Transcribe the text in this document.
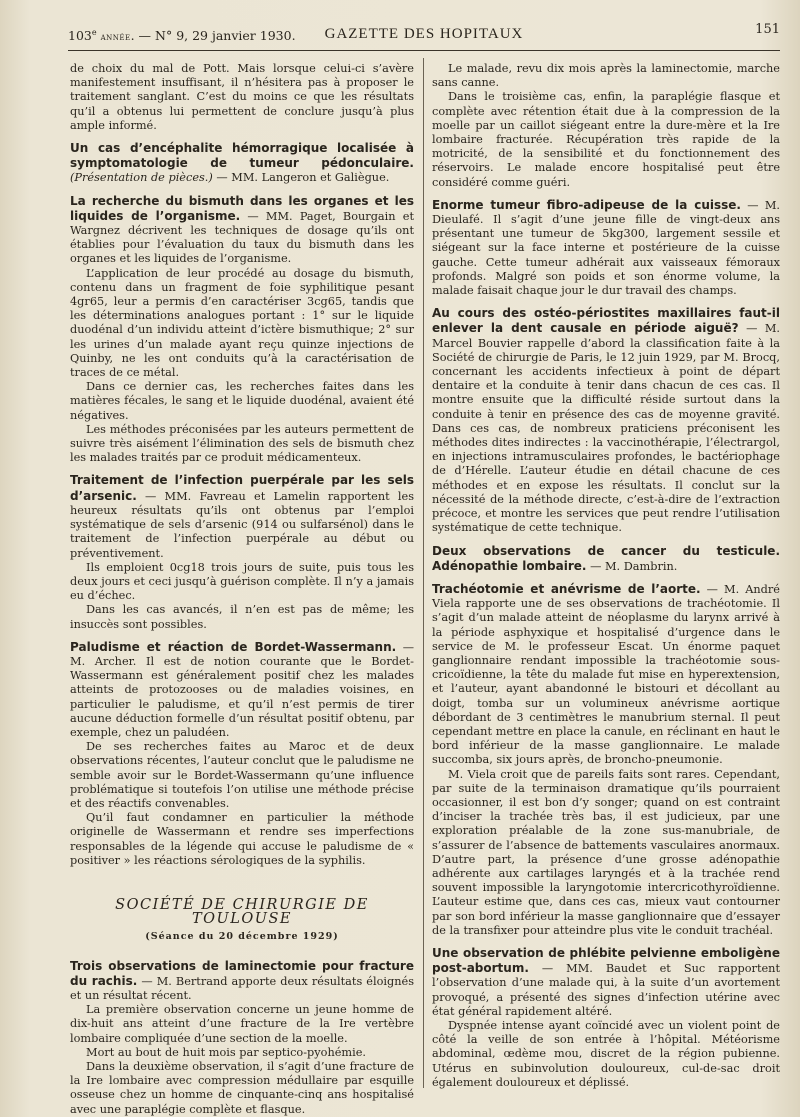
103e année. — N° 9, 29 janvier 1930.	GAZETTE DES HOPITAUX	151

de choix du mal de Pott. Mais lorsque celui-ci s’avère manifestement insuffisant, il n’hésitera pas à proposer le traitement sanglant. C’est du moins ce que les résultats qu’il a obtenus lui permettent de conclure jusqu’à plus ample informé.

Un cas d’encéphalite hémorragique localisée à symptomatologie de tumeur pédonculaire. (Présentation de pièces.) — MM. Langeron et Galiègue.
La recherche du bismuth dans les organes et les liquides de l’organisme. — MM. Paget, Bourgain et Wargnez décrivent les techniques de dosage qu’ils ont établies pour l’évaluation du taux du bismuth dans les organes et les liquides de l’organisme.

L’application de leur procédé au dosage du bismuth, contenu dans un fragment de foie syphilitique pesant 4gr65, leur a permis d’en caractériser 3cg65, tandis que les déterminations analogues portant : 1° sur le liquide duodénal d’un individu atteint d’ictère bismuthique; 2° sur les urines d’un malade ayant reçu quinze injections de Quinby, ne les ont conduits qu’à la caractérisation de traces de ce métal.

Dans ce dernier cas, les recherches faites dans les matières fécales, le sang et le liquide duodénal, avaient été négatives.

Les méthodes préconisées par les auteurs permettent de suivre très aisément l’élimination des sels de bismuth chez les malades traités par ce produit médicamenteux.

Traitement de l’infection puerpérale par les sels d’arsenic. — MM. Favreau et Lamelin rapportent les heureux résultats qu’ils ont obtenus par l’emploi systématique de sels d’arsenic (914 ou sulfarsénol) dans le traitement de l’infection puerpérale au début ou préventivement.

Ils emploient 0cg18 trois jours de suite, puis tous les deux jours et ceci jusqu’à guérison complète. Il n’y a jamais eu d’échec.

Dans les cas avancés, il n’en est pas de même; les insuccès sont possibles.

Paludisme et réaction de Bordet-Wassermann. — M. Archer. Il est de notion courante que le Bordet-Wassermann est généralement positif chez les malades atteints de protozooses ou de maladies voisines, en particulier le paludisme, et qu’il n’est permis de tirer aucune déduction formelle d’un résultat positif obtenu, par exemple, chez un paludéen.

De ses recherches faites au Maroc et de deux observations récentes, l’auteur conclut que le paludisme ne semble avoir sur le Bordet-Wassermann qu’une influence problématique si toutefois l’on utilise une méthode précise et des réactifs convenables.

Qu’il faut condamner en particulier la méthode originelle de Wassermann et rendre ses imperfections responsables de la légende qui accuse le paludisme de « positiver » les réactions sérologiques de la syphilis.

SOCIÉTÉ DE CHIRURGIE DE TOULOUSE
(Séance du 20 décembre 1929)
Trois observations de laminectomie pour fracture du rachis. — M. Bertrand apporte deux résultats éloignés et un résultat récent.

La première observation concerne un jeune homme de dix-huit ans atteint d’une fracture de la Ire vertèbre lombaire compliquée d’une section de la moelle.

Mort au bout de huit mois par septico-pyohémie.

Dans la deuxième observation, il s’agit d’une fracture de la Ire lombaire avec compression médullaire par esquille osseuse chez un homme de cinquante-cinq ans hospitalisé avec une paraplégie complète et flasque.

Le malade, revu dix mois après la laminectomie, marche sans canne.

Dans le troisième cas, enfin, la paraplégie flasque et complète avec rétention était due à la compression de la moelle par un caillot siégeant entre la dure-mère et la Ire lombaire fracturée. Récupération très rapide de la motricité, de la sensibilité et du fonctionnement des réservoirs. Le malade encore hospitalisé peut être considéré comme guéri.

Enorme tumeur fibro-adipeuse de la cuisse. — M. Dieulafé. Il s’agit d’une jeune fille de vingt-deux ans présentant une tumeur de 5kg300, largement sessile et siégeant sur la face interne et postérieure de la cuisse gauche. Cette tumeur adhérait aux vaisseaux fémoraux profonds. Malgré son poids et son énorme volume, la malade faisait chaque jour le dur travail des champs.
Au cours des ostéo-périostites maxillaires faut-il enlever la dent causale en période aiguë? — M. Marcel Bouvier rappelle d’abord la classification faite à la Société de chirurgie de Paris, le 12 juin 1929, par M. Brocq, concernant les accidents infectieux à point de départ dentaire et la conduite à tenir dans chacun de ces cas. Il montre ensuite que la difficulté réside surtout dans la conduite à tenir en présence des cas de moyenne gravité. Dans ces cas, de nombreux praticiens préconisent les méthodes dites indirectes : la vaccinothérapie, l’électrargol, en injections intramusculaires profondes, le bactériophage de d’Hérelle. L’auteur étudie en détail chacune de ces méthodes et en expose les résultats. Il conclut sur la nécessité de la méthode directe, c’est-à-dire de l’extraction précoce, et montre les services que peut rendre l’utilisation systématique de cette technique.
Deux observations de cancer du testicule. Adénopathie lombaire. — M. Dambrin.
Trachéotomie et anévrisme de l’aorte. — M. André Viela rapporte une de ses observations de trachéotomie. Il s’agit d’un malade atteint de néoplasme du larynx arrivé à la période asphyxique et hospitalisé d’urgence dans le service de M. le professeur Escat. Un énorme paquet ganglionnaire rendant impossible la trachéotomie sous-cricoïdienne, la tête du malade fut mise en hyperextension, et l’auteur, ayant abandonné le bistouri et décollant au doigt, tomba sur un volumineux anévrisme aortique débordant de 3 centimètres le manubrium sternal. Il peut cependant mettre en place la canule, en réclinant en haut le bord inférieur de la masse ganglionnaire. Le malade succomba, six jours après, de broncho-pneumonie.

M. Viela croit que de pareils faits sont rares. Cependant, par suite de la terminaison dramatique qu’ils pourraient occasionner, il est bon d’y songer; quand on est contraint d’inciser la trachée très bas, il est judicieux, par une exploration préalable de la zone sus-manubriale, de s’assurer de l’absence de battements vasculaires anormaux. D’autre part, la présence d’une grosse adénopathie adhérente aux cartilages laryngés et à la trachée rend souvent impossible la laryngotomie intercricothyroïdienne. L’auteur estime que, dans ces cas, mieux vaut contourner par son bord inférieur la masse ganglionnaire que d’essayer de la transfixer pour atteindre plus vite le conduit trachéal.

Une observation de phlébite pelvienne emboligène post-abortum. — MM. Baudet et Suc rapportent l’observation d’une malade qui, à la suite d’un avortement provoqué, a présenté des signes d’infection utérine avec état général rapidement altéré.

Dyspnée intense ayant coïncidé avec un violent point de côté la veille de son entrée à l’hôpital. Météorisme abdominal, œdème mou, discret de la région pubienne. Utérus en subinvolution douloureux, cul-de-sac droit également douloureux et déplissé.
